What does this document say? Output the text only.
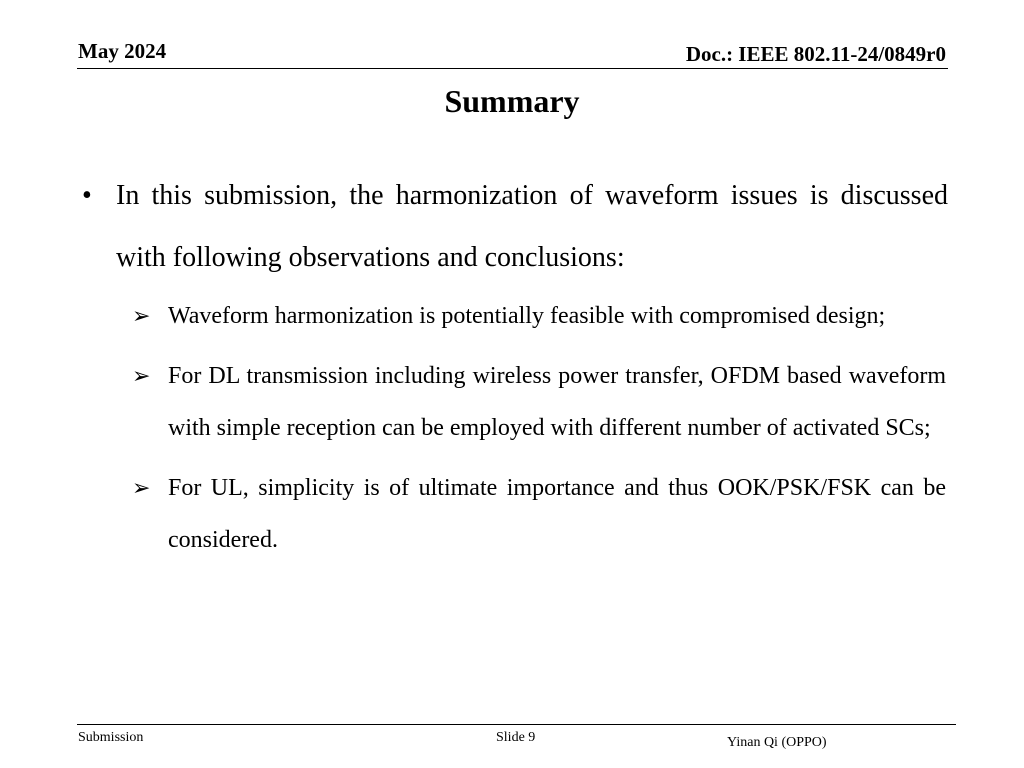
May 2024	Doc.: IEEE 802.11-24/0849r0
Summary
• In this submission, the harmonization of waveform issues is discussed with following observations and conclusions:
➢ Waveform harmonization is potentially feasible with compromised design;
➢ For DL transmission including wireless power transfer, OFDM based waveform with simple reception can be employed with different number of activated SCs;
➢ For UL, simplicity is of ultimate importance and thus OOK/PSK/FSK can be considered.
Submission	Slide 9	Yinan Qi (OPPO)
